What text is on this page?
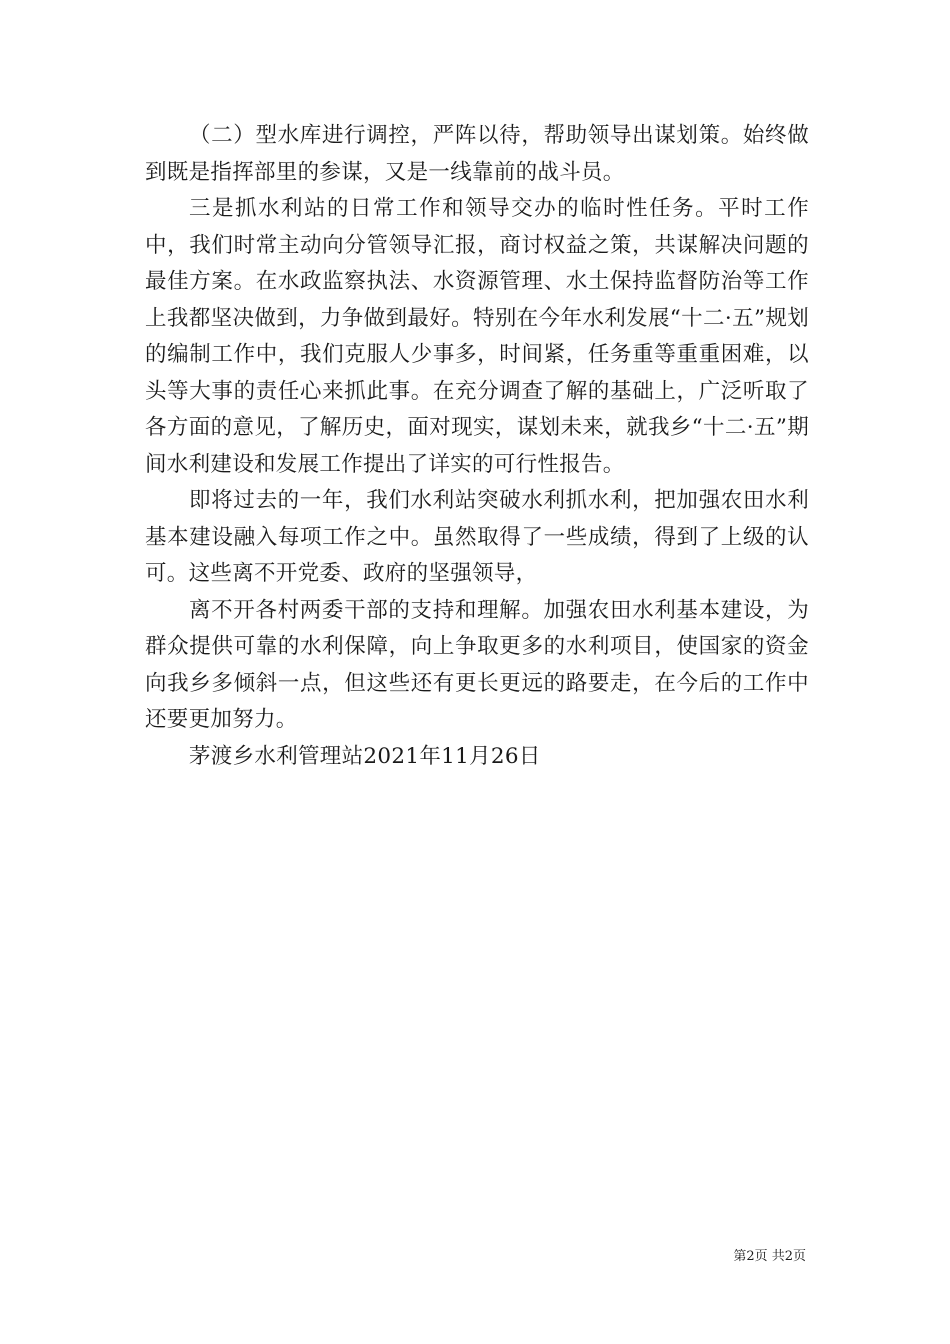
（二）型水库进行调控，严阵以待，帮助领导出谋划策。始终做到既是指挥部里的参谋，又是一线靠前的战斗员。

三是抓水利站的日常工作和领导交办的临时性任务。平时工作中，我们时常主动向分管领导汇报，商讨权益之策，共谋解决问题的最佳方案。在水政监察执法、水资源管理、水土保持监督防治等工作上我都坚决做到，力争做到最好。特别在今年水利发展“十二·五”规划的编制工作中，我们克服人少事多，时间紧，任务重等重重困难，以头等大事的责任心来抓此事。在充分调查了解的基础上，广泛听取了各方面的意见，了解历史，面对现实，谋划未来，就我乡“十二·五”期间水利建设和发展工作提出了详实的可行性报告。

即将过去的一年，我们水利站突破水利抓水利，把加强农田水利基本建设融入每项工作之中。虽然取得了一些成绩，得到了上级的认可。这些离不开党委、政府的坚强领导，

离不开各村两委干部的支持和理解。加强农田水利基本建设，为群众提供可靠的水利保障，向上争取更多的水利项目，使国家的资金向我乡多倾斜一点，但这些还有更长更远的路要走，在今后的工作中还要更加努力。

茅渡乡水利管理站2021年11月26日

第2页 共2页
